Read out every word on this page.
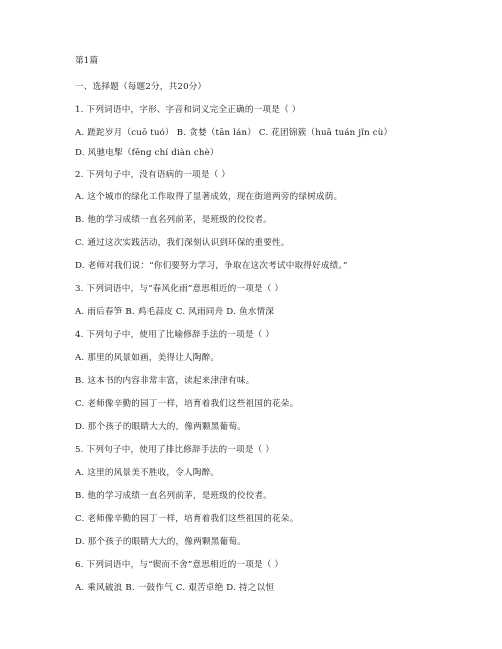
第1篇
一、选择题（每题2分，共20分）
1. 下列词语中，字形、字音和词义完全正确的一项是（ ）
A. 蹉跎岁月（cuō tuó） B. 贪婪（tān lán） C. 花团锦簇（huā tuán jǐn cù）
D. 风驰电掣（fēng chí diàn chè）
2. 下列句子中，没有语病的一项是（ ）
A. 这个城市的绿化工作取得了显著成效，现在街道两旁的绿树成荫。
B. 他的学习成绩一直名列前茅，是班级的佼佼者。
C. 通过这次实践活动，我们深刻认识到环保的重要性。
D. 老师对我们说：“你们要努力学习，争取在这次考试中取得好成绩。”
3. 下列词语中，与“春风化雨”意思相近的一项是（ ）
A. 雨后春笋 B. 鸡毛蒜皮 C. 风雨同舟 D. 鱼水情深
4. 下列句子中，使用了比喻修辞手法的一项是（ ）
A. 那里的风景如画，美得让人陶醉。
B. 这本书的内容非常丰富，读起来津津有味。
C. 老师像辛勤的园丁一样，培育着我们这些祖国的花朵。
D. 那个孩子的眼睛大大的，像两颗黑葡萄。
5. 下列句子中，使用了排比修辞手法的一项是（ ）
A. 这里的风景美不胜收，令人陶醉。
B. 他的学习成绩一直名列前茅，是班级的佼佼者。
C. 老师像辛勤的园丁一样，培育着我们这些祖国的花朵。
D. 那个孩子的眼睛大大的，像两颗黑葡萄。
6. 下列词语中，与“锲而不舍”意思相近的一项是（ ）
A. 乘风破浪 B. 一鼓作气 C. 艰苦卓绝 D. 持之以恒
